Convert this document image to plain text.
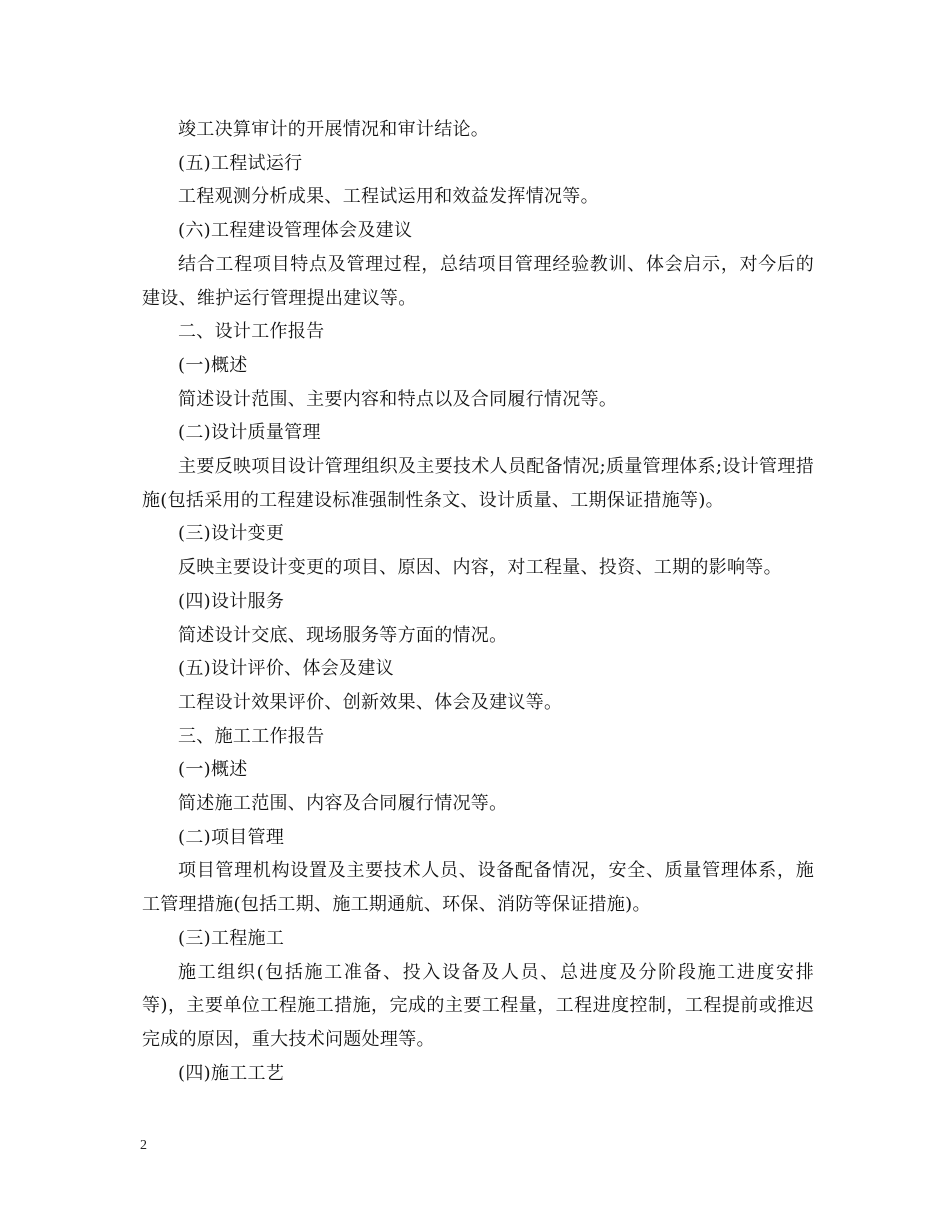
竣工决算审计的开展情况和审计结论。

(五)工程试运行

工程观测分析成果、工程试运用和效益发挥情况等。

(六)工程建设管理体会及建议

结合工程项目特点及管理过程，总结项目管理经验教训、体会启示，对今后的建设、维护运行管理提出建议等。

二、设计工作报告

(一)概述

简述设计范围、主要内容和特点以及合同履行情况等。

(二)设计质量管理

主要反映项目设计管理组织及主要技术人员配备情况;质量管理体系;设计管理措施(包括采用的工程建设标准强制性条文、设计质量、工期保证措施等)。

(三)设计变更

反映主要设计变更的项目、原因、内容，对工程量、投资、工期的影响等。

(四)设计服务

简述设计交底、现场服务等方面的情况。

(五)设计评价、体会及建议

工程设计效果评价、创新效果、体会及建议等。

三、施工工作报告

(一)概述

简述施工范围、内容及合同履行情况等。

(二)项目管理

项目管理机构设置及主要技术人员、设备配备情况，安全、质量管理体系，施工管理措施(包括工期、施工期通航、环保、消防等保证措施)。

(三)工程施工

施工组织(包括施工准备、投入设备及人员、总进度及分阶段施工进度安排等)，主要单位工程施工措施，完成的主要工程量，工程进度控制，工程提前或推迟完成的原因，重大技术问题处理等。

(四)施工工艺

2
